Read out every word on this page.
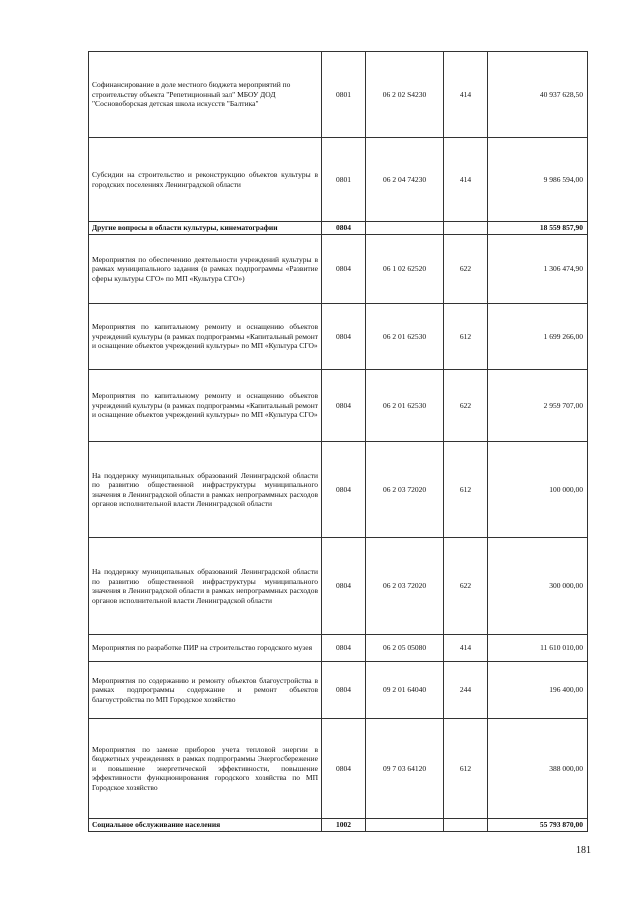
Софинансирование в доле местного бюджета мероприятий по строительству объекта "Репетиционный зал" МБОУ ДОД "Сосновоборская детская школа искусств "Балтика"	0801	06 2 02 S4230	414	40 937 628,50
Субсидии на строительство и реконструкцию объектов культуры в городских поселениях Ленинградской области	0801	06 2 04 74230	414	9 986 594,00
Другие вопросы в области культуры, кинематографии	0804			18 559 857,90
Мероприятия по обеспечению деятельности учреждений культуры в рамках муниципального задания (в рамках подпрограммы «Развитие сферы культуры СГО» по МП «Культура СГО»)	0804	06 1 02 62520	622	1 306 474,90
Мероприятия по капитальному ремонту и оснащению объектов учреждений культуры (в рамках подпрограммы «Капитальный ремонт и оснащение объектов учреждений культуры» по МП «Культура СГО»	0804	06 2 01 62530	612	1 699 266,00
Мероприятия по капитальному ремонту и оснащению объектов учреждений культуры (в рамках подпрограммы «Капитальный ремонт и оснащение объектов учреждений культуры» по МП «Культура СГО»	0804	06 2 01 62530	622	2 959 707,00
На поддержку муниципальных образований Ленинградской области по развитию общественной инфраструктуры муниципального значения в Ленинградской области в рамках непрограммных расходов органов исполнительной власти Ленинградской области	0804	06 2 03 72020	612	100 000,00
На поддержку муниципальных образований Ленинградской области по развитию общественной инфраструктуры муниципального значения в Ленинградской области в рамках непрограммных расходов органов исполнительной власти Ленинградской области	0804	06 2 03 72020	622	300 000,00
Мероприятия по разработке ПИР на строительство городского музея	0804	06 2 05 05080	414	11 610 010,00
Мероприятия по содержанию и ремонту объектов благоустройства в рамках подпрограммы содержание и ремонт объектов благоустройства по МП Городское хозяйство	0804	09 2 01 64040	244	196 400,00
Мероприятия по замене приборов учета тепловой энергии в бюджетных учреждениях в рамках подпрограммы Энергосбережение и повышение энергетической эффективности, повышение эффективности функционирования городского хозяйства по МП Городское хозяйство	0804	09 7 03 64120	612	388 000,00
Социальное обслуживание населения	1002			55 793 870,00
181
